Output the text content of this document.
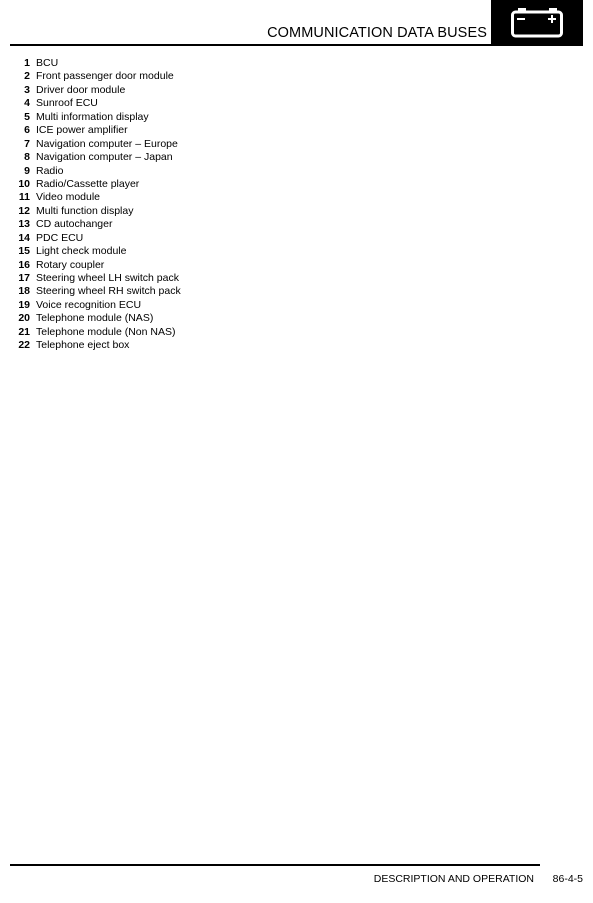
COMMUNICATION DATA BUSES
1 BCU
2 Front passenger door module
3 Driver door module
4 Sunroof ECU
5 Multi information display
6 ICE power amplifier
7 Navigation computer – Europe
8 Navigation computer – Japan
9 Radio
10 Radio/Cassette player
11 Video module
12 Multi function display
13 CD autochanger
14 PDC ECU
15 Light check module
16 Rotary coupler
17 Steering wheel LH switch pack
18 Steering wheel RH switch pack
19 Voice recognition ECU
20 Telephone module (NAS)
21 Telephone module (Non NAS)
22 Telephone eject box
DESCRIPTION AND OPERATION 86-4-5
